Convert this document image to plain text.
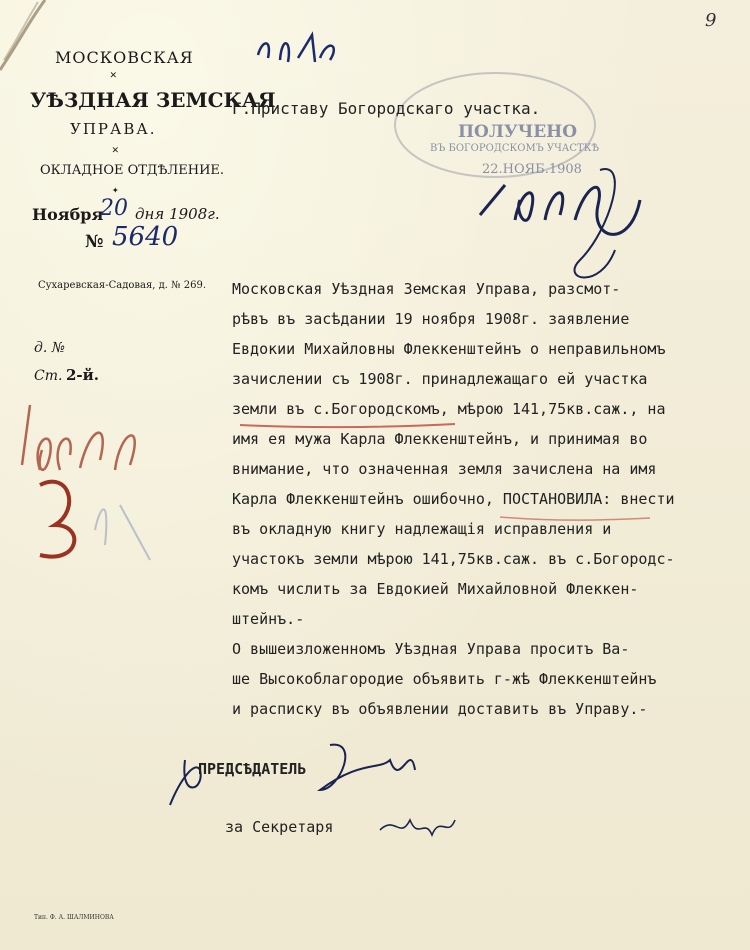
9
МОСКОВСКАЯ
✕
УѢЗДНАЯ ЗЕМСКАЯ
УПРАВА.
✕
ОКЛАДНОЕ ОТДѢЛЕНИЕ.
✦
Ноября
20 дня 1908г.
№ 5640
Сухаревская-Садовая, д. № 269.
д. №
Ст. 2-й.
ПОЛУЧЕНО
ВЪ БОГОРОДСКОМЪ УЧАСТКѢ
22.НОЯБ.1908
Г.Приставу Богородскаго участка.
Московская Уѣздная Земская Управа, разсмот-
рѣвъ въ засѣдании 19 ноября 1908г. заявление
Евдокии Михайловны Флеккенштейнъ о неправильномъ
зачислении съ 1908г. принадлежащаго ей участка
земли въ с.Богородскомъ, мѣрою 141,75кв.саж., на
имя ея мужа Карла Флеккенштейнъ, и принимая во
внимание, что означенная земля зачислена на имя
Карла Флеккенштейнъ ошибочно, ПОСТАНОВИЛА: внести
въ окладную книгу надлежащія исправления и
участокъ земли мѣрою 141,75кв.саж. въ с.Богородс-
комъ числить за Евдокией Михайловной Флеккен-
штейнъ.-
О вышеизложенномъ Уѣздная Управа проситъ Ва-
ше Высокоблагородие объявить г-жѣ Флеккенштейнъ
и расписку въ объявлении доставить въ Управу.-
ПРЕДСѢДАТЕЛЬ
за Секретаря
Тип. Ф. А. ШАЛМИНОВА
